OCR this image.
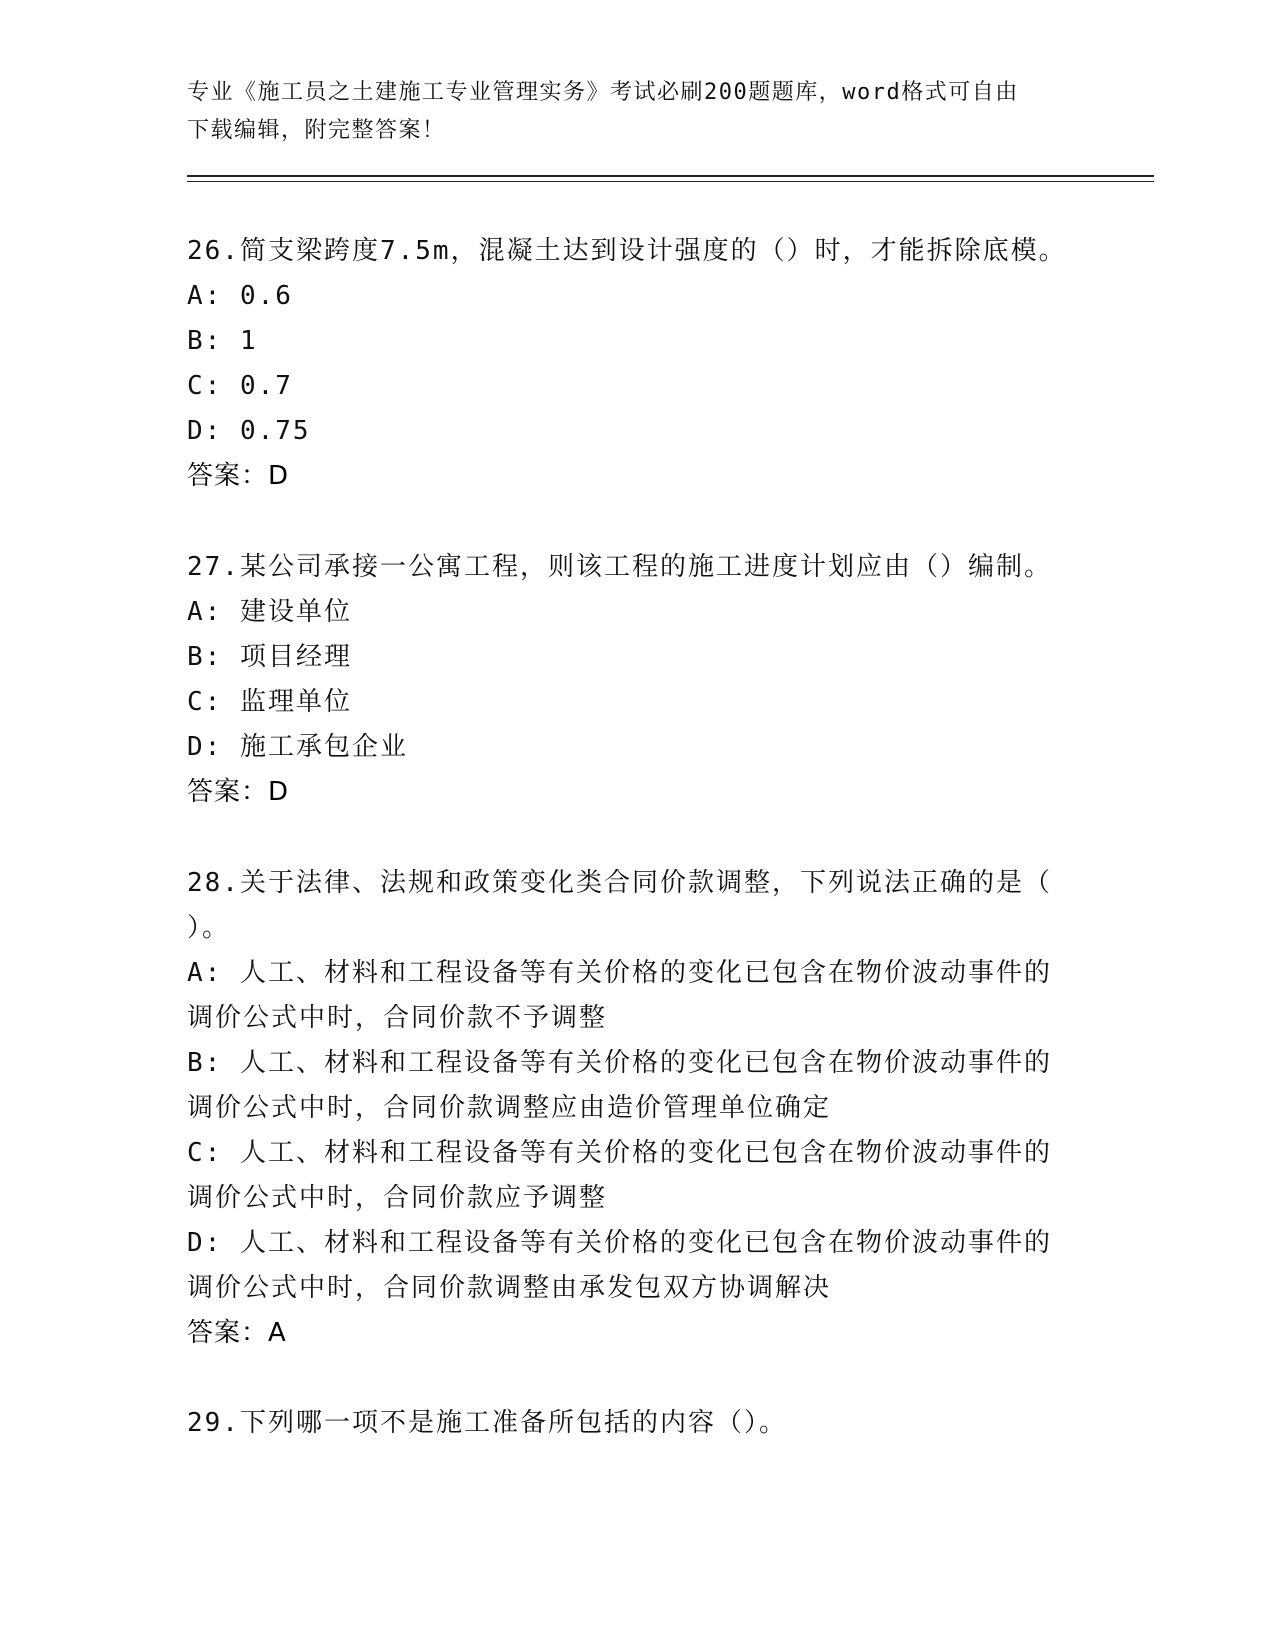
专业《施工员之土建施工专业管理实务》考试必刷200题题库，word格式可自由
下载编辑，附完整答案！
26.简支梁跨度7.5m，混凝土达到设计强度的（）时，才能拆除底模。
A: 0.6
B: 1
C: 0.7
D: 0.75
答案：D
27.某公司承接一公寓工程，则该工程的施工进度计划应由（）编制。
A: 建设单位
B: 项目经理
C: 监理单位
D: 施工承包企业
答案：D
28.关于法律、法规和政策变化类合同价款调整，下列说法正确的是（
）。
A: 人工、材料和工程设备等有关价格的变化已包含在物价波动事件的
调价公式中时，合同价款不予调整
B: 人工、材料和工程设备等有关价格的变化已包含在物价波动事件的
调价公式中时，合同价款调整应由造价管理单位确定
C: 人工、材料和工程设备等有关价格的变化已包含在物价波动事件的
调价公式中时，合同价款应予调整
D: 人工、材料和工程设备等有关价格的变化已包含在物价波动事件的
调价公式中时，合同价款调整由承发包双方协调解决
答案：A
29.下列哪一项不是施工准备所包括的内容（）。
